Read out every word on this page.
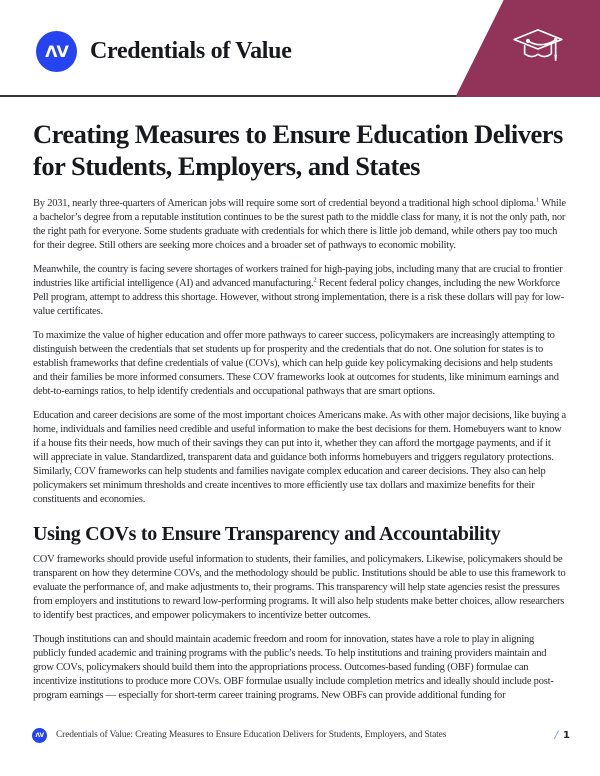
ΛV Credentials of Value
Creating Measures to Ensure Education Delivers for Students, Employers, and States

By 2031, nearly three-quarters of American jobs will require some sort of credential beyond a traditional high school diploma.$^1$ While a bachelor’s degree from a reputable institution continues to be the surest path to the middle class for many, it is not the only path, nor the right path for everyone. Some students graduate with credentials for which there is little job demand, while others pay too much for their degree. Still others are seeking more choices and a broader set of pathways to economic mobility.

Meanwhile, the country is facing severe shortages of workers trained for high-paying jobs, including many that are crucial to frontier industries like artificial intelligence (AI) and advanced manufacturing.$^2$ Recent federal policy changes, including the new Workforce Pell program, attempt to address this shortage. However, without strong implementation, there is a risk these dollars will pay for low-value certificates.

To maximize the value of higher education and offer more pathways to career success, policymakers are increasingly attempting to distinguish between the credentials that set students up for prosperity and the credentials that do not. One solution for states is to establish frameworks that define credentials of value (COVs), which can help guide key policymaking decisions and help students and their families be more informed consumers. These COV frameworks look at outcomes for students, like minimum earnings and debt-to-earnings ratios, to help identify credentials and occupational pathways that are smart options.

Education and career decisions are some of the most important choices Americans make. As with other major decisions, like buying a home, individuals and families need credible and useful information to make the best decisions for them. Homebuyers want to know if a house fits their needs, how much of their savings they can put into it, whether they can afford the mortgage payments, and if it will appreciate in value. Standardized, transparent data and guidance both informs homebuyers and triggers regulatory protections. Similarly, COV frameworks can help students and families navigate complex education and career decisions. They also can help policymakers set minimum thresholds and create incentives to more efficiently use tax dollars and maximize benefits for their constituents and economies.

Using COVs to Ensure Transparency and Accountability

COV frameworks should provide useful information to students, their families, and policymakers. Likewise, policymakers should be transparent on how they determine COVs, and the methodology should be public. Institutions should be able to use this framework to evaluate the performance of, and make adjustments to, their programs. This transparency will help state agencies resist the pressures from employers and institutions to reward low-performing programs. It will also help students make better choices, allow researchers to identify best practices, and empower policymakers to incentivize better outcomes.

Though institutions can and should maintain academic freedom and room for innovation, states have a role to play in aligning publicly funded academic and training programs with the public’s needs. To help institutions and training providers maintain and grow COVs, policymakers should build them into the appropriations process. Outcomes-based funding (OBF) formulae can incentivize institutions to produce more COVs. OBF formulae usually include completion metrics and ideally should include post-program earnings — especially for short-term career training programs. New OBFs can provide additional funding for

ΛV Credentials of Value: Creating Measures to Ensure Education Delivers for Students, Employers, and States	/ 1
